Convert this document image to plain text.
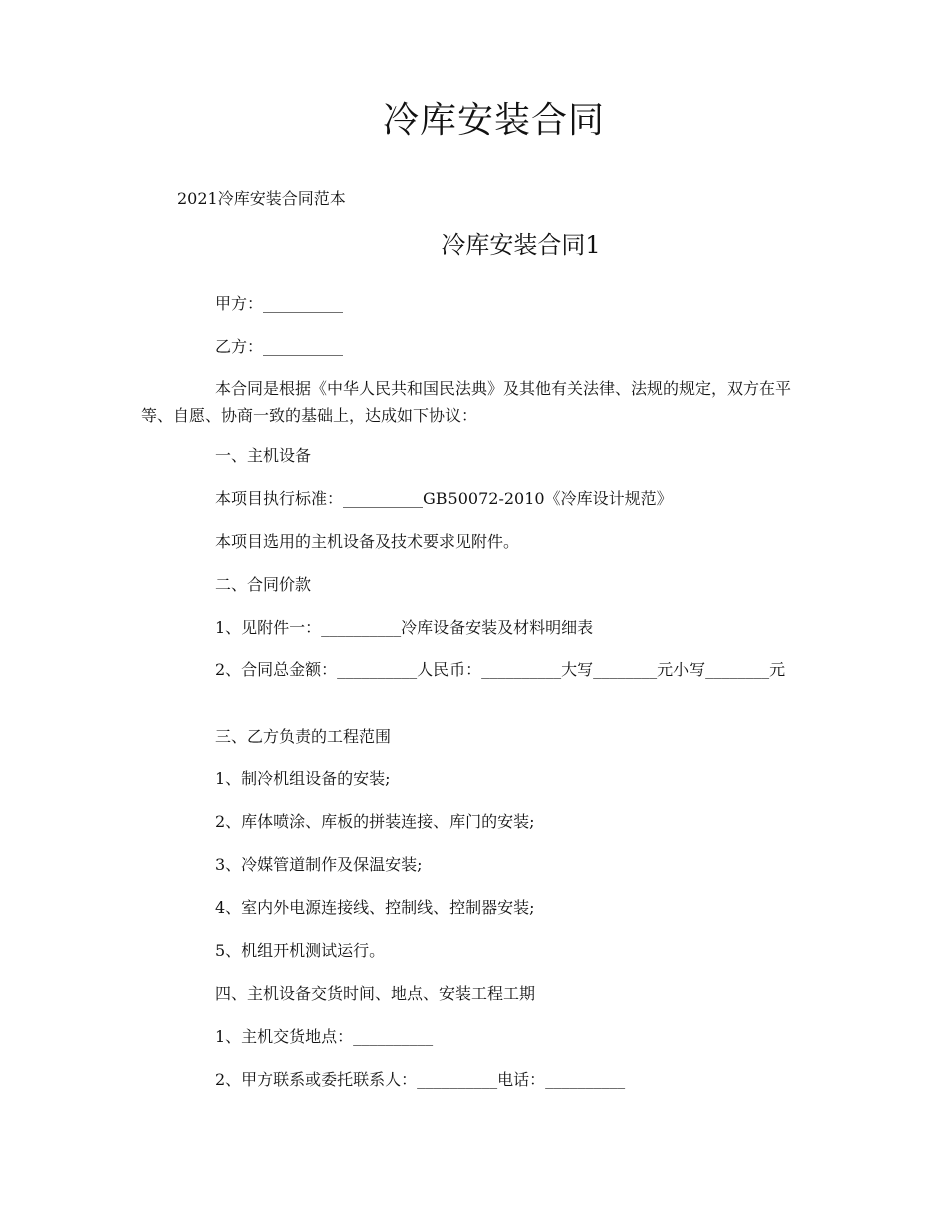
冷库安装合同
2021冷库安装合同范本
冷库安装合同1
甲方：__________
乙方：__________
本合同是根据《中华人民共和国民法典》及其他有关法律、法规的规定，双方在平等、自愿、协商一致的基础上，达成如下协议：
一、主机设备
本项目执行标准：__________GB50072-2010《冷库设计规范》
本项目选用的主机设备及技术要求见附件。
二、合同价款
1、见附件一：__________冷库设备安装及材料明细表
2、合同总金额：__________人民币：__________大写________元小写________元
三、乙方负责的工程范围
1、制冷机组设备的安装;
2、库体喷涂、库板的拼装连接、库门的安装;
3、冷媒管道制作及保温安装;
4、室内外电源连接线、控制线、控制器安装;
5、机组开机测试运行。
四、主机设备交货时间、地点、安装工程工期
1、主机交货地点：__________
2、甲方联系或委托联系人：__________电话：__________
